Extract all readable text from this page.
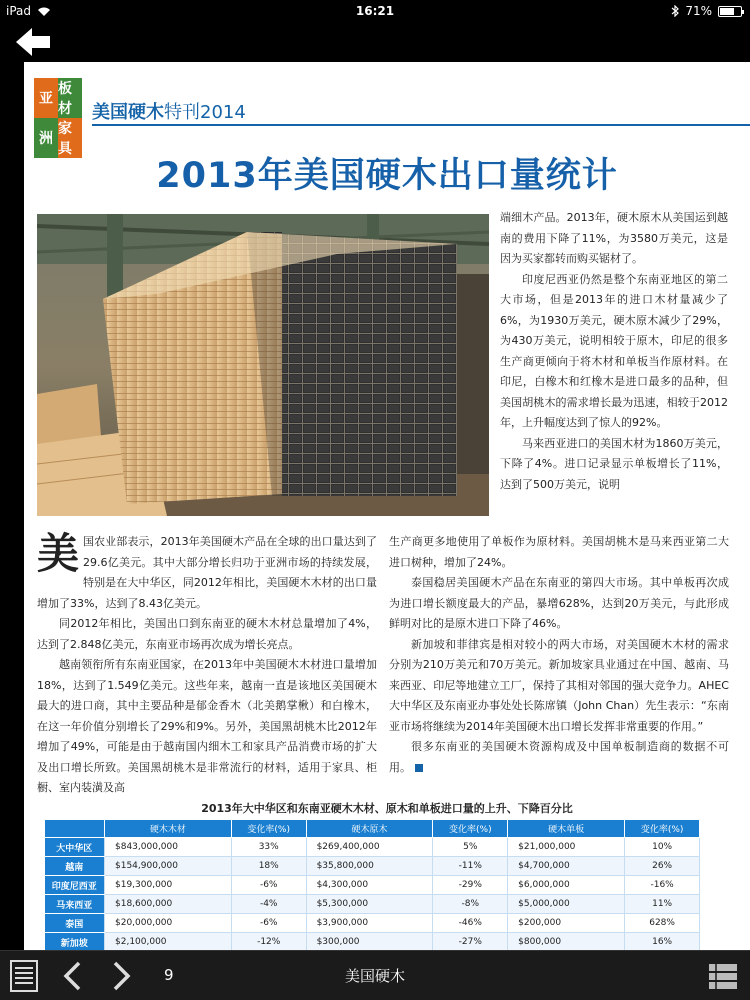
iPad	16:21	71%
亚
板材
洲
家具
美国硬木特刊2014
2013年美国硬木出口量统计

端细木产品。2013年，硬木原木从美国运到越南的费用下降了11%，为3580万美元，这是因为买家都转而购买锯材了。

印度尼西亚仍然是整个东南亚地区的第二大市场，但是2013年的进口木材量减少了6%，为1930万美元，硬木原木减少了29%，为430万美元，说明相较于原木，印尼的很多生产商更倾向于将木材和单板当作原材料。在印尼，白橡木和红橡木是进口最多的品种，但美国胡桃木的需求增长最为迅速，相较于2012年，上升幅度达到了惊人的92%。

马来西亚进口的美国木材为1860万美元，下降了4%。进口记录显示单板增长了11%，达到了500万美元，说明

美国农业部表示，2013年美国硬木产品在全球的出口量达到了29.6亿美元。其中大部分增长归功于亚洲市场的持续发展，特别是在大中华区，同2012年相比，美国硬木木材的出口量增加了33%，达到了8.43亿美元。

同2012年相比，美国出口到东南亚的硬木木材总量增加了4%，达到了2.848亿美元，东南亚市场再次成为增长亮点。

越南领衔所有东南亚国家，在2013年中美国硬木木材进口量增加18%，达到了1.549亿美元。这些年来，越南一直是该地区美国硬木最大的进口商，其中主要品种是郁金香木（北美鹅掌楸）和白橡木，在这一年价值分别增长了29%和9%。另外，美国黑胡桃木比2012年增加了49%，可能是由于越南国内细木工和家具产品消费市场的扩大及出口增长所致。美国黑胡桃木是非常流行的材料，适用于家具、柜橱、室内装潢及高

生产商更多地使用了单板作为原材料。美国胡桃木是马来西亚第二大进口树种，增加了24%。

泰国稳居美国硬木产品在东南亚的第四大市场。其中单板再次成为进口增长额度最大的产品，暴增628%，达到20万美元，与此形成鲜明对比的是原木进口下降了46%。

新加坡和菲律宾是相对较小的两大市场，对美国硬木木材的需求分别为210万美元和70万美元。新加坡家具业通过在中国、越南、马来西亚、印尼等地建立工厂，保持了其相对邻国的强大竞争力。AHEC大中华区及东南亚办事处处长陈席镇（John Chan）先生表示：“东南亚市场将继续为2014年美国硬木出口增长发挥非常重要的作用。”

很多东南亚的美国硬木资源构成及中国单板制造商的数据不可用。

2013年大中华区和东南亚硬木木材、原木和单板进口量的上升、下降百分比
	硬木木材	变化率(%)	硬木原木	变化率(%)	硬木单板	变化率(%)
大中华区	$843,000,000	33%	$269,400,000	5%	$21,000,000	10%
越南	$154,900,000	18%	$35,800,000	-11%	$4,700,000	26%
印度尼西亚	$19,300,000	-6%	$4,300,000	-29%	$6,000,000	-16%
马来西亚	$18,600,000	-4%	$5,300,000	-8%	$5,000,000	11%
泰国	$20,000,000	-6%	$3,900,000	-46%	$200,000	628%
新加坡	$2,100,000	-12%	$300,000	-27%	$800,000	16%
9	美国硬木
